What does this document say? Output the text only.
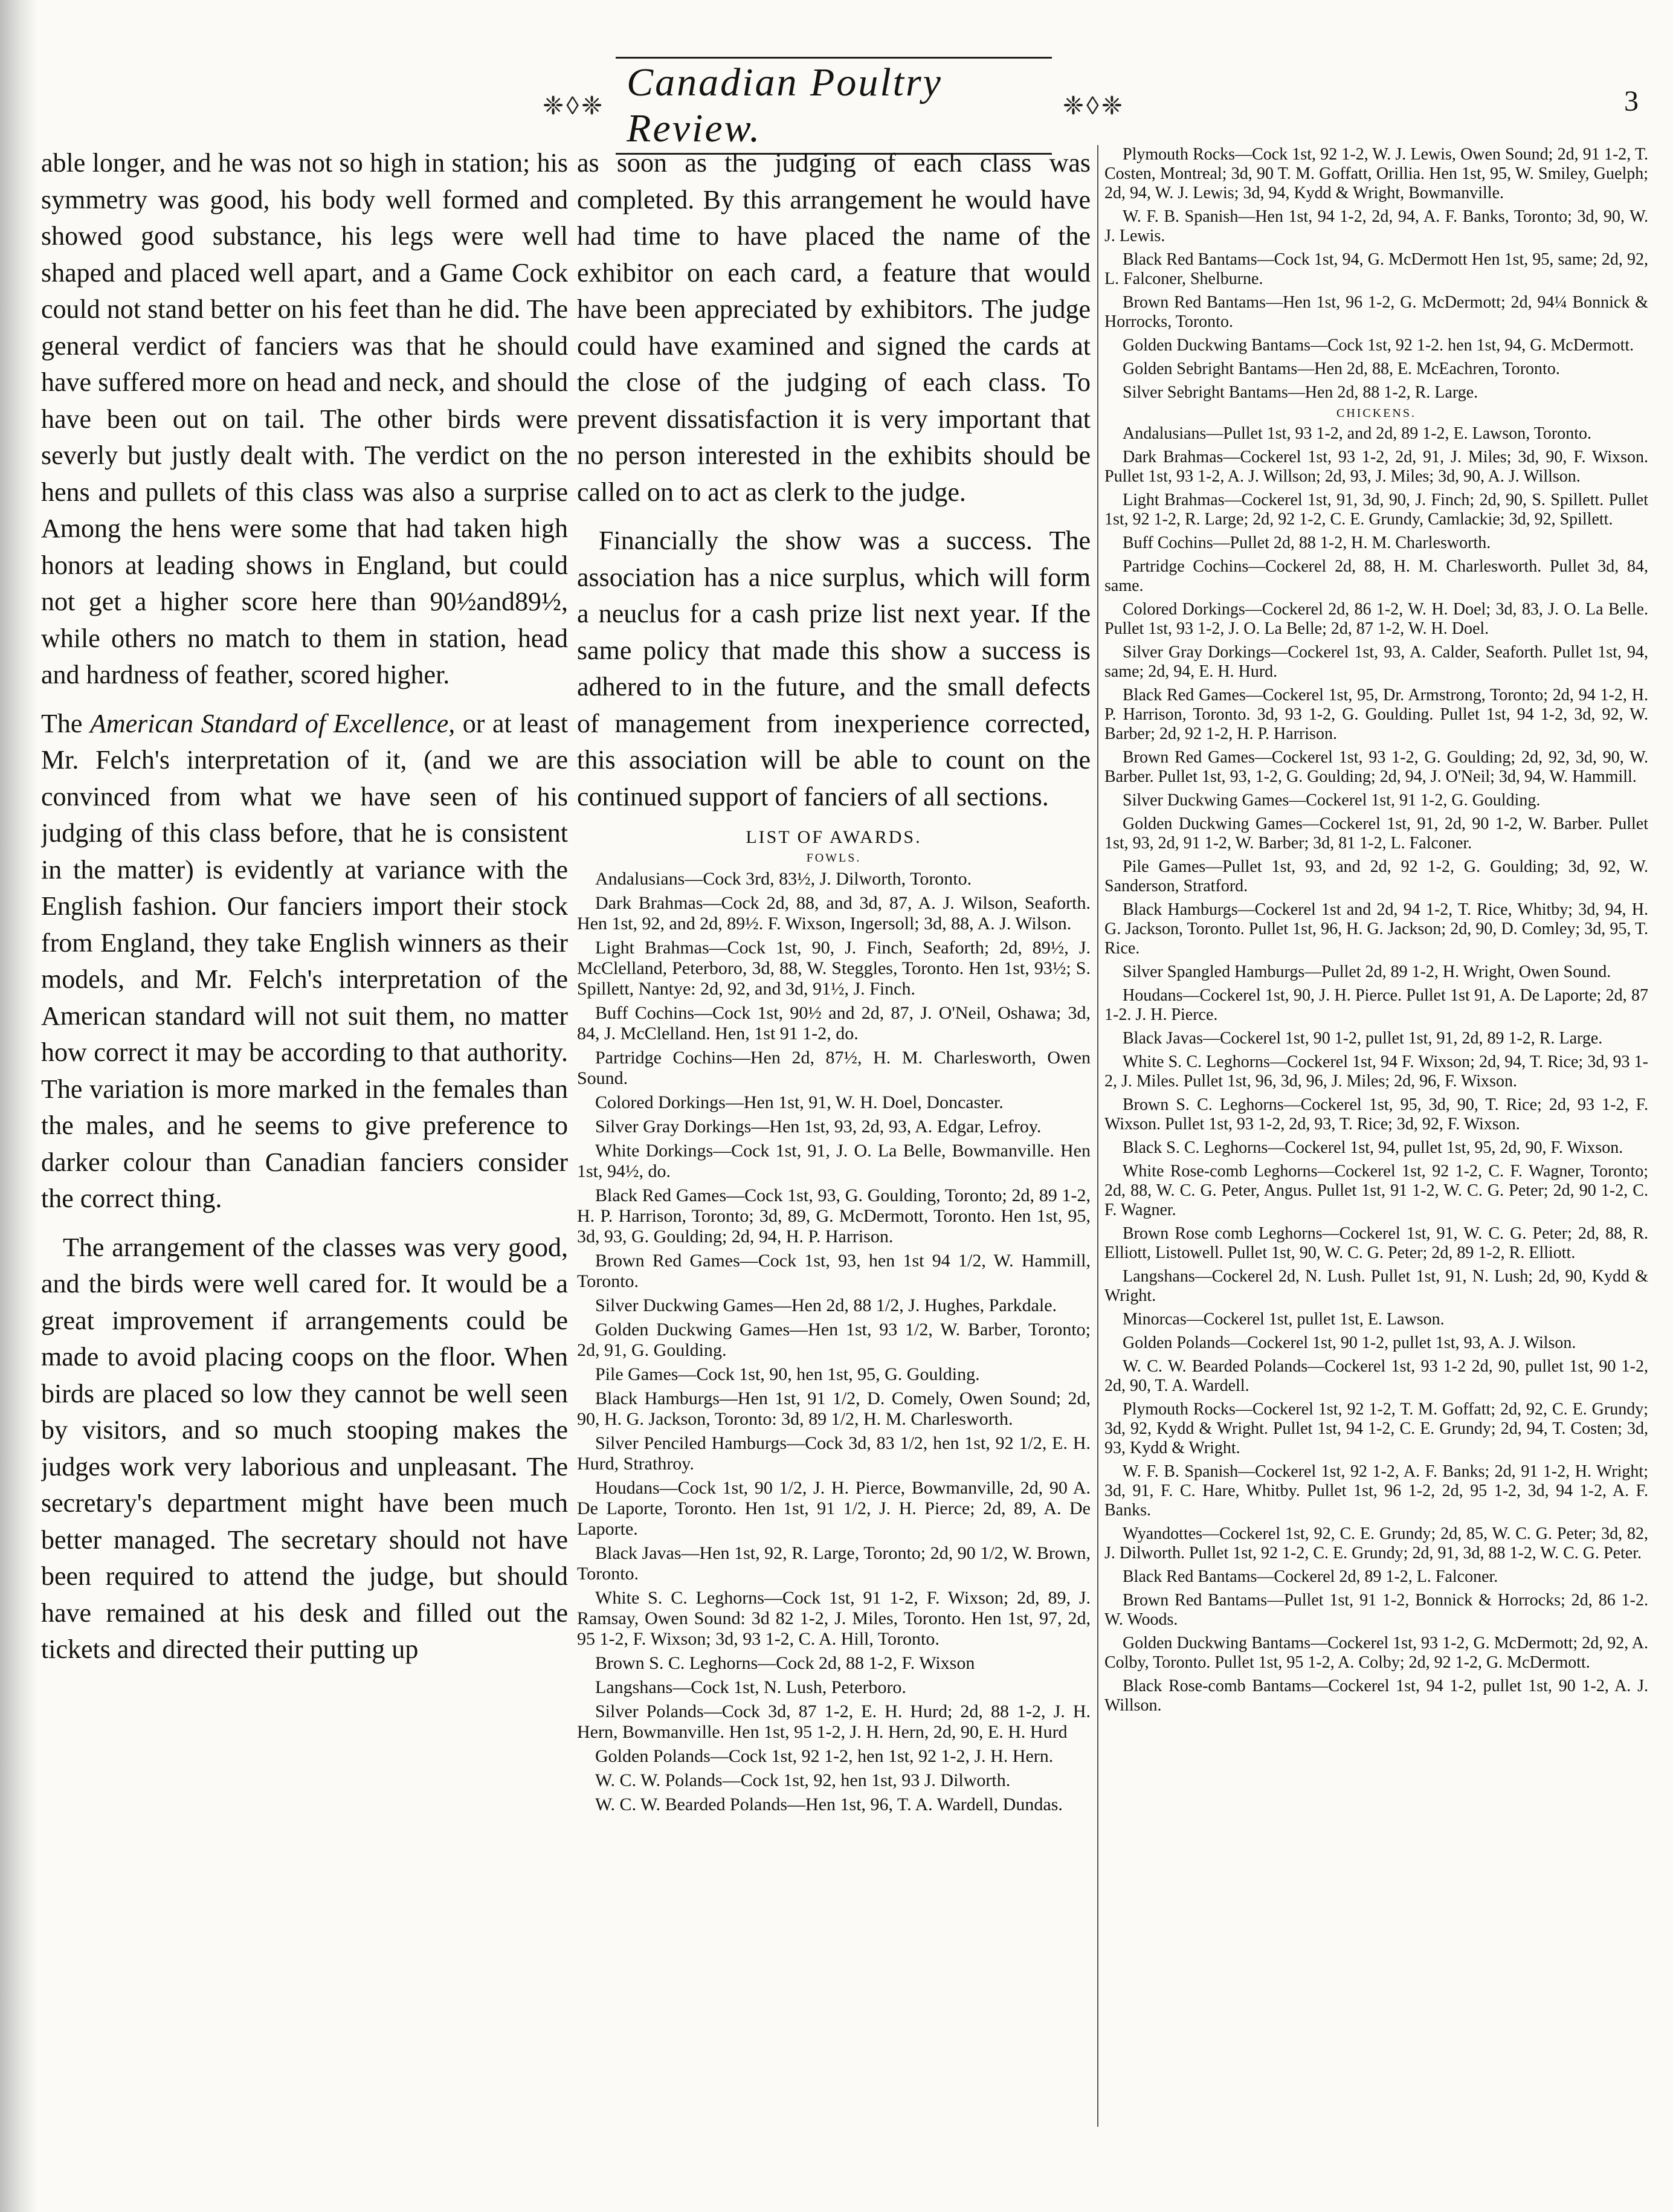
❈◊❈
Canadian Poultry Review.	❈◊❈	3

able longer, and he was not so high in station; his symmetry was good, his body well formed and showed good substance, his legs were well shaped and placed well apart, and a Game Cock could not stand better on his feet than he did. The general verdict of fanciers was that he should have suffered more on head and neck, and should have been out on tail. The other birds were severly but justly dealt with. The verdict on the hens and pullets of this class was also a surprise Among the hens were some that had taken high honors at leading shows in England, but could not get a higher score here than 90½and89½, while others no match to them in station, head and hardness of feather, scored higher.

The American Standard of Excellence, or at least Mr. Felch's interpretation of it, (and we are convinced from what we have seen of his judging of this class before, that he is consistent in the matter) is evidently at variance with the English fashion. Our fanciers import their stock from England, they take English winners as their models, and Mr. Felch's interpretation of the American standard will not suit them, no matter how correct it may be according to that authority. The variation is more marked in the females than the males, and he seems to give preference to darker colour than Canadian fanciers consider the correct thing.

The arrangement of the classes was very good, and the birds were well cared for. It would be a great improvement if arrangements could be made to avoid placing coops on the floor. When birds are placed so low they cannot be well seen by visitors, and so much stooping makes the judges work very laborious and unpleasant. The secretary's department might have been much better managed. The secretary should not have been required to attend the judge, but should have remained at his desk and filled out the tickets and directed their putting up

as soon as the judging of each class was completed. By this arrangement he would have had time to have placed the name of the exhibitor on each card, a feature that would have been appreciated by exhibitors. The judge could have examined and signed the cards at the close of the judging of each class. To prevent dissatisfaction it is very important that no person interested in the exhibits should be called on to act as clerk to the judge.

Financially the show was a success. The association has a nice surplus, which will form a neuclus for a cash prize list next year. If the same policy that made this show a success is adhered to in the future, and the small defects of management from inexperience corrected, this association will be able to count on the continued support of fanciers of all sections.

LIST OF AWARDS.
FOWLS.

Andalusians—Cock 3rd, 83½, J. Dilworth, Toronto.

Dark Brahmas—Cock 2d, 88, and 3d, 87, A. J. Wilson, Seaforth. Hen 1st, 92, and 2d, 89½. F. Wixson, Ingersoll; 3d, 88, A. J. Wilson.

Light Brahmas—Cock 1st, 90, J. Finch, Seaforth; 2d, 89½, J. McClelland, Peterboro, 3d, 88, W. Steggles, Toronto. Hen 1st, 93½; S. Spillett, Nantye: 2d, 92, and 3d, 91½, J. Finch.

Buff Cochins—Cock 1st, 90½ and 2d, 87, J. O'Neil, Oshawa; 3d, 84, J. McClelland. Hen, 1st 91 1-2, do.

Partridge Cochins—Hen 2d, 87½, H. M. Charlesworth, Owen Sound.

Colored Dorkings—Hen 1st, 91, W. H. Doel, Doncaster.

Silver Gray Dorkings—Hen 1st, 93, 2d, 93, A. Edgar, Lefroy.

White Dorkings—Cock 1st, 91, J. O. La Belle, Bowmanville. Hen 1st, 94½, do.

Black Red Games—Cock 1st, 93, G. Goulding, Toronto; 2d, 89 1-2, H. P. Harrison, Toronto; 3d, 89, G. McDermott, Toronto. Hen 1st, 95, 3d, 93, G. Goulding; 2d, 94, H. P. Harrison.

Brown Red Games—Cock 1st, 93, hen 1st 94 1/2, W. Hammill, Toronto.

Silver Duckwing Games—Hen 2d, 88 1/2, J. Hughes, Parkdale.

Golden Duckwing Games—Hen 1st, 93 1/2, W. Barber, Toronto; 2d, 91, G. Goulding.

Pile Games—Cock 1st, 90, hen 1st, 95, G. Goulding.

Black Hamburgs—Hen 1st, 91 1/2, D. Comely, Owen Sound; 2d, 90, H. G. Jackson, Toronto: 3d, 89 1/2, H. M. Charlesworth.

Silver Penciled Hamburgs—Cock 3d, 83 1/2, hen 1st, 92 1/2, E. H. Hurd, Strathroy.

Houdans—Cock 1st, 90 1/2, J. H. Pierce, Bowmanville, 2d, 90 A. De Laporte, Toronto. Hen 1st, 91 1/2, J. H. Pierce; 2d, 89, A. De Laporte.

Black Javas—Hen 1st, 92, R. Large, Toronto; 2d, 90 1/2, W. Brown, Toronto.

White S. C. Leghorns—Cock 1st, 91 1-2, F. Wixson; 2d, 89, J. Ramsay, Owen Sound: 3d 82 1-2, J. Miles, Toronto. Hen 1st, 97, 2d, 95 1-2, F. Wixson; 3d, 93 1-2, C. A. Hill, Toronto.

Brown S. C. Leghorns—Cock 2d, 88 1-2, F. Wixson

Langshans—Cock 1st, N. Lush, Peterboro.

Silver Polands—Cock 3d, 87 1-2, E. H. Hurd; 2d, 88 1-2, J. H. Hern, Bowmanville. Hen 1st, 95 1-2, J. H. Hern, 2d, 90, E. H. Hurd

Golden Polands—Cock 1st, 92 1-2, hen 1st, 92 1-2, J. H. Hern.

W. C. W. Polands—Cock 1st, 92, hen 1st, 93 J. Dilworth.

W. C. W. Bearded Polands—Hen 1st, 96, T. A. Wardell, Dundas.

Plymouth Rocks—Cock 1st, 92 1-2, W. J. Lewis, Owen Sound; 2d, 91 1-2, T. Costen, Montreal; 3d, 90 T. M. Goffatt, Orillia. Hen 1st, 95, W. Smiley, Guelph; 2d, 94, W. J. Lewis; 3d, 94, Kydd & Wright, Bowmanville.

W. F. B. Spanish—Hen 1st, 94 1-2, 2d, 94, A. F. Banks, Toronto; 3d, 90, W. J. Lewis.

Black Red Bantams—Cock 1st, 94, G. McDermott Hen 1st, 95, same; 2d, 92, L. Falconer, Shelburne.

Brown Red Bantams—Hen 1st, 96 1-2, G. McDermott; 2d, 94¼ Bonnick & Horrocks, Toronto.

Golden Duckwing Bantams—Cock 1st, 92 1-2. hen 1st, 94, G. McDermott.

Golden Sebright Bantams—Hen 2d, 88, E. McEachren, Toronto.

Silver Sebright Bantams—Hen 2d, 88 1-2, R. Large.

CHICKENS.

Andalusians—Pullet 1st, 93 1-2, and 2d, 89 1-2, E. Lawson, Toronto.

Dark Brahmas—Cockerel 1st, 93 1-2, 2d, 91, J. Miles; 3d, 90, F. Wixson. Pullet 1st, 93 1-2, A. J. Willson; 2d, 93, J. Miles; 3d, 90, A. J. Willson.

Light Brahmas—Cockerel 1st, 91, 3d, 90, J. Finch; 2d, 90, S. Spillett. Pullet 1st, 92 1-2, R. Large; 2d, 92 1-2, C. E. Grundy, Camlackie; 3d, 92, Spillett.

Buff Cochins—Pullet 2d, 88 1-2, H. M. Charlesworth.

Partridge Cochins—Cockerel 2d, 88, H. M. Charlesworth. Pullet 3d, 84, same.

Colored Dorkings—Cockerel 2d, 86 1-2, W. H. Doel; 3d, 83, J. O. La Belle. Pullet 1st, 93 1-2, J. O. La Belle; 2d, 87 1-2, W. H. Doel.

Silver Gray Dorkings—Cockerel 1st, 93, A. Calder, Seaforth. Pullet 1st, 94, same; 2d, 94, E. H. Hurd.

Black Red Games—Cockerel 1st, 95, Dr. Armstrong, Toronto; 2d, 94 1-2, H. P. Harrison, Toronto. 3d, 93 1-2, G. Goulding. Pullet 1st, 94 1-2, 3d, 92, W. Barber; 2d, 92 1-2, H. P. Harrison.

Brown Red Games—Cockerel 1st, 93 1-2, G. Goulding; 2d, 92, 3d, 90, W. Barber. Pullet 1st, 93, 1-2, G. Goulding; 2d, 94, J. O'Neil; 3d, 94, W. Hammill.

Silver Duckwing Games—Cockerel 1st, 91 1-2, G. Goulding.

Golden Duckwing Games—Cockerel 1st, 91, 2d, 90 1-2, W. Barber. Pullet 1st, 93, 2d, 91 1-2, W. Barber; 3d, 81 1-2, L. Falconer.

Pile Games—Pullet 1st, 93, and 2d, 92 1-2, G. Goulding; 3d, 92, W. Sanderson, Stratford.

Black Hamburgs—Cockerel 1st and 2d, 94 1-2, T. Rice, Whitby; 3d, 94, H. G. Jackson, Toronto. Pullet 1st, 96, H. G. Jackson; 2d, 90, D. Comley; 3d, 95, T. Rice.

Silver Spangled Hamburgs—Pullet 2d, 89 1-2, H. Wright, Owen Sound.

Houdans—Cockerel 1st, 90, J. H. Pierce. Pullet 1st 91, A. De Laporte; 2d, 87 1-2. J. H. Pierce.

Black Javas—Cockerel 1st, 90 1-2, pullet 1st, 91, 2d, 89 1-2, R. Large.

White S. C. Leghorns—Cockerel 1st, 94 F. Wixson; 2d, 94, T. Rice; 3d, 93 1-2, J. Miles. Pullet 1st, 96, 3d, 96, J. Miles; 2d, 96, F. Wixson.

Brown S. C. Leghorns—Cockerel 1st, 95, 3d, 90, T. Rice; 2d, 93 1-2, F. Wixson. Pullet 1st, 93 1-2, 2d, 93, T. Rice; 3d, 92, F. Wixson.

Black S. C. Leghorns—Cockerel 1st, 94, pullet 1st, 95, 2d, 90, F. Wixson.

White Rose-comb Leghorns—Cockerel 1st, 92 1-2, C. F. Wagner, Toronto; 2d, 88, W. C. G. Peter, Angus. Pullet 1st, 91 1-2, W. C. G. Peter; 2d, 90 1-2, C. F. Wagner.

Brown Rose comb Leghorns—Cockerel 1st, 91, W. C. G. Peter; 2d, 88, R. Elliott, Listowell. Pullet 1st, 90, W. C. G. Peter; 2d, 89 1-2, R. Elliott.

Langshans—Cockerel 2d, N. Lush. Pullet 1st, 91, N. Lush; 2d, 90, Kydd & Wright.

Minorcas—Cockerel 1st, pullet 1st, E. Lawson.

Golden Polands—Cockerel 1st, 90 1-2, pullet 1st, 93, A. J. Wilson.

W. C. W. Bearded Polands—Cockerel 1st, 93 1-2 2d, 90, pullet 1st, 90 1-2, 2d, 90, T. A. Wardell.

Plymouth Rocks—Cockerel 1st, 92 1-2, T. M. Goffatt; 2d, 92, C. E. Grundy; 3d, 92, Kydd & Wright. Pullet 1st, 94 1-2, C. E. Grundy; 2d, 94, T. Costen; 3d, 93, Kydd & Wright.

W. F. B. Spanish—Cockerel 1st, 92 1-2, A. F. Banks; 2d, 91 1-2, H. Wright; 3d, 91, F. C. Hare, Whitby. Pullet 1st, 96 1-2, 2d, 95 1-2, 3d, 94 1-2, A. F. Banks.

Wyandottes—Cockerel 1st, 92, C. E. Grundy; 2d, 85, W. C. G. Peter; 3d, 82, J. Dilworth. Pullet 1st, 92 1-2, C. E. Grundy; 2d, 91, 3d, 88 1-2, W. C. G. Peter.

Black Red Bantams—Cockerel 2d, 89 1-2, L. Falconer.

Brown Red Bantams—Pullet 1st, 91 1-2, Bonnick & Horrocks; 2d, 86 1-2. W. Woods.

Golden Duckwing Bantams—Cockerel 1st, 93 1-2, G. McDermott; 2d, 92, A. Colby, Toronto. Pullet 1st, 95 1-2, A. Colby; 2d, 92 1-2, G. McDermott.

Black Rose-comb Bantams—Cockerel 1st, 94 1-2, pullet 1st, 90 1-2, A. J. Willson.
